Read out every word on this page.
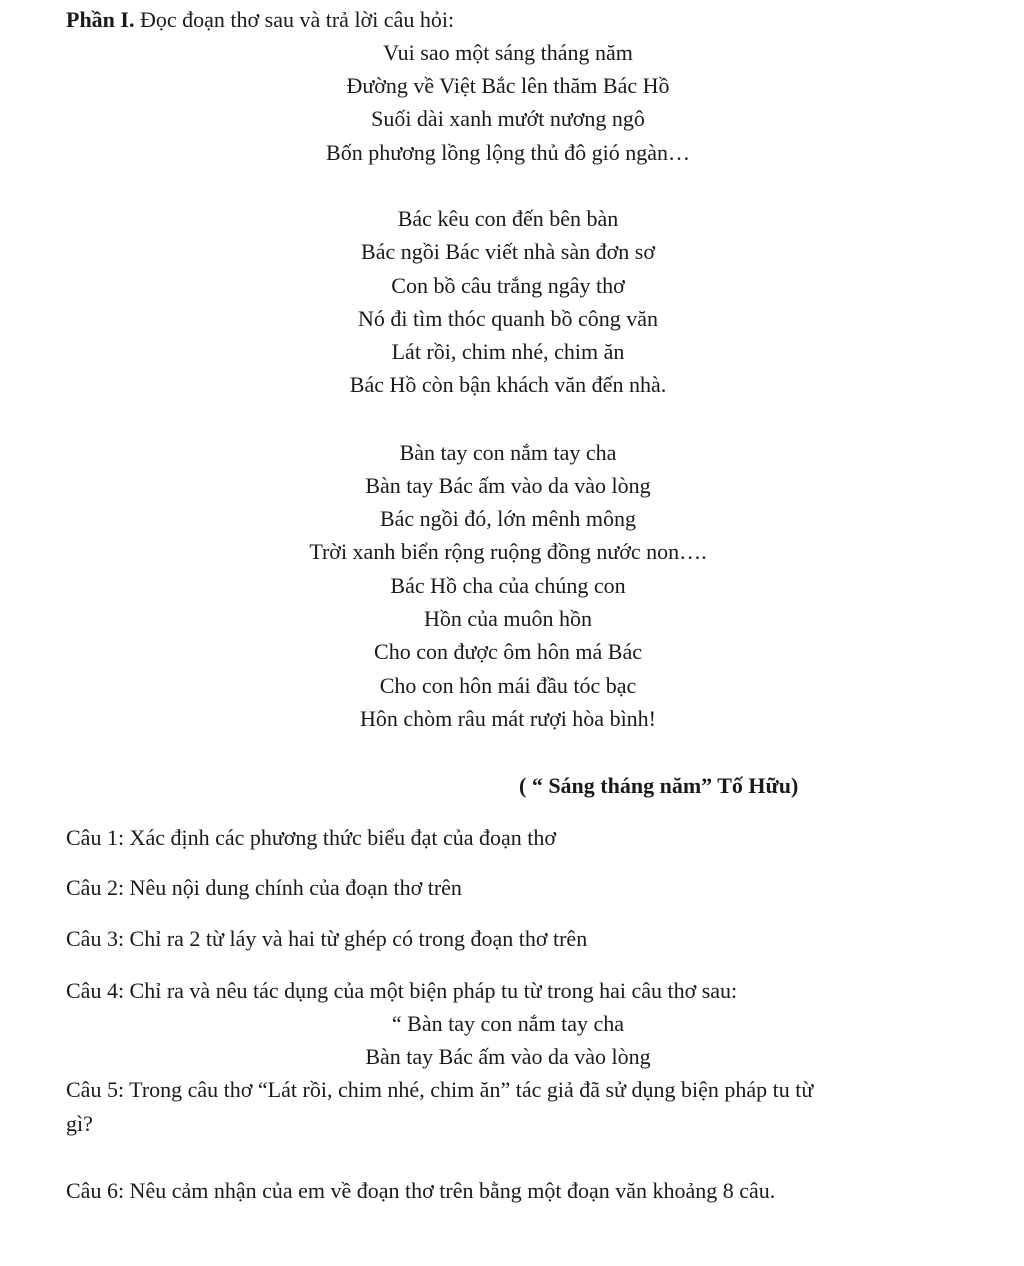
Phần I. Đọc đoạn thơ sau và trả lời câu hỏi:
Vui sao một sáng tháng năm
Đường về Việt Bắc lên thăm Bác Hồ
Suối dài xanh mướt nương ngô
Bốn phương lồng lộng thủ đô gió ngàn…
Bác kêu con đến bên bàn
Bác ngồi Bác viết nhà sàn đơn sơ
Con bồ câu trắng ngây thơ
Nó đi tìm thóc quanh bồ công văn
Lát rồi, chim nhé, chim ăn
Bác Hồ còn bận khách văn đến nhà.
Bàn tay con nắm tay cha
Bàn tay Bác ấm vào da vào lòng
Bác ngồi đó, lớn mênh mông
Trời xanh biển rộng ruộng đồng nước non….
Bác Hồ cha của chúng con
Hồn của muôn hồn
Cho con được ôm hôn má Bác
Cho con hôn mái đầu tóc bạc
Hôn chòm râu mát rượi hòa bình!
( “ Sáng tháng năm” Tố Hữu)
Câu 1: Xác định các phương thức biểu đạt của đoạn thơ
Câu 2: Nêu nội dung chính của đoạn thơ trên
Câu 3: Chỉ ra 2 từ láy và hai từ ghép có trong đoạn thơ trên
Câu 4: Chỉ ra và nêu tác dụng của một biện pháp tu từ trong hai câu thơ sau:
“ Bàn tay con nắm tay cha
Bàn tay Bác ấm vào da vào lòng
Câu 5: Trong câu thơ “Lát rồi, chim nhé, chim ăn” tác giả đã sử dụng biện pháp tu từ
gì?
Câu 6: Nêu cảm nhận của em về đoạn thơ trên bằng một đoạn văn khoảng 8 câu.
